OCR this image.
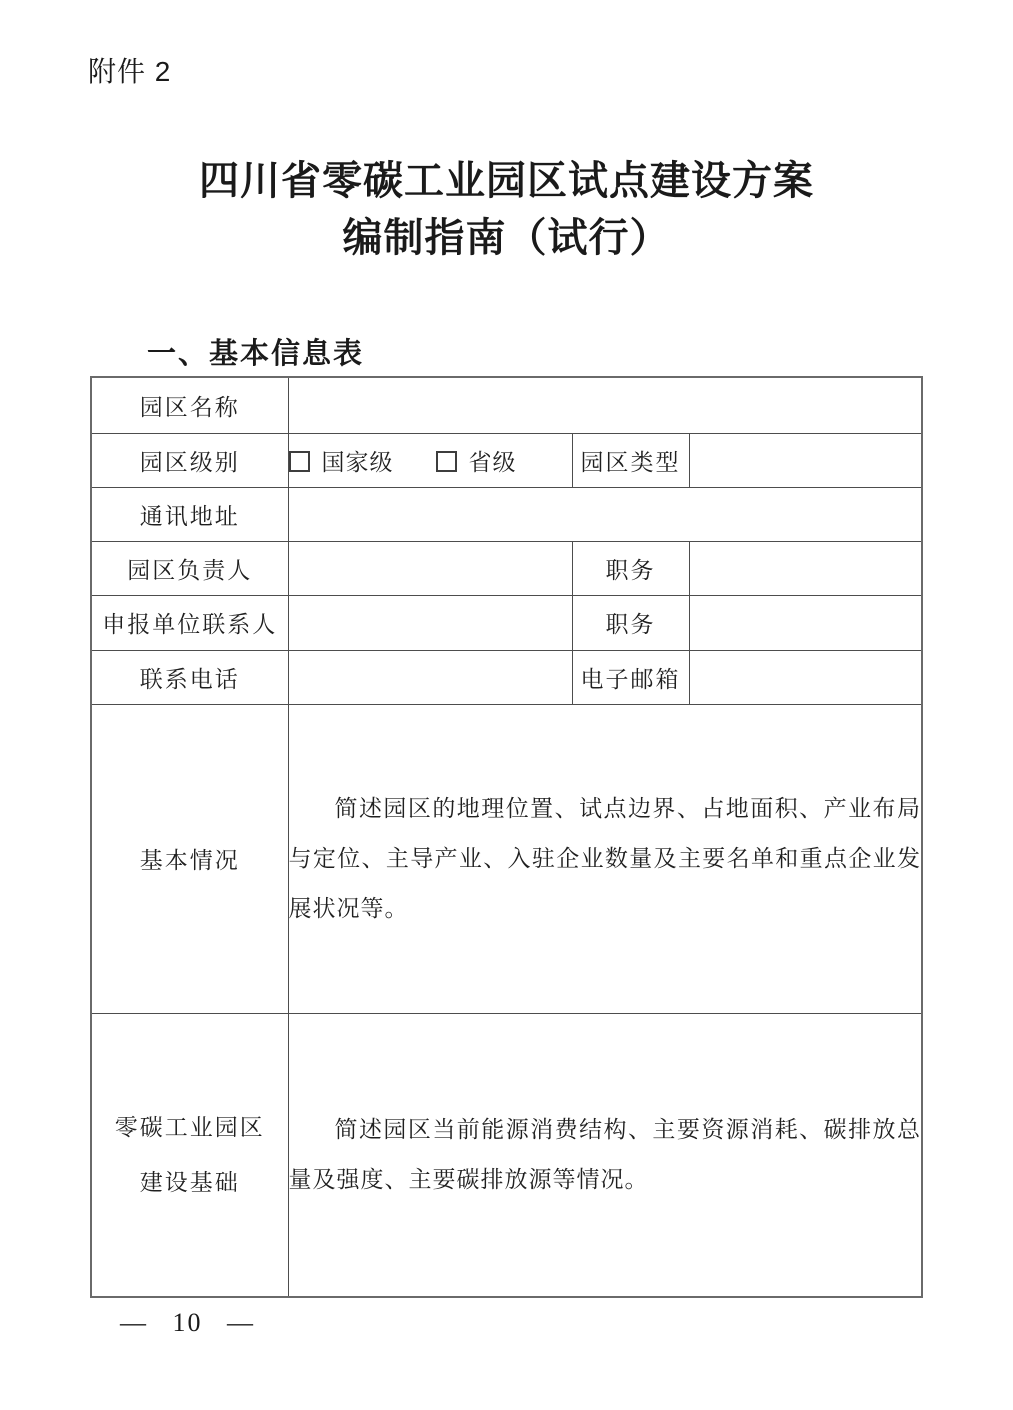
附件 2
四川省零碳工业园区试点建设方案
编制指南（试行）
一、基本信息表
园区名称			
园区级别	国家级 省级	园区类型	
通讯地址			
园区负责人		职务	
申报单位联系人		职务	
联系电话		电子邮箱	
基本情况	简述园区的地理位置、试点边界、占地面积、产业布局与定位、主导产业、入驻企业数量及主要名单和重点企业发展状况等。		

零碳工业园区
建设基础	简述园区当前能源消费结构、主要资源消耗、碳排放总量及强度、主要碳排放源等情况。		

— 10 —
